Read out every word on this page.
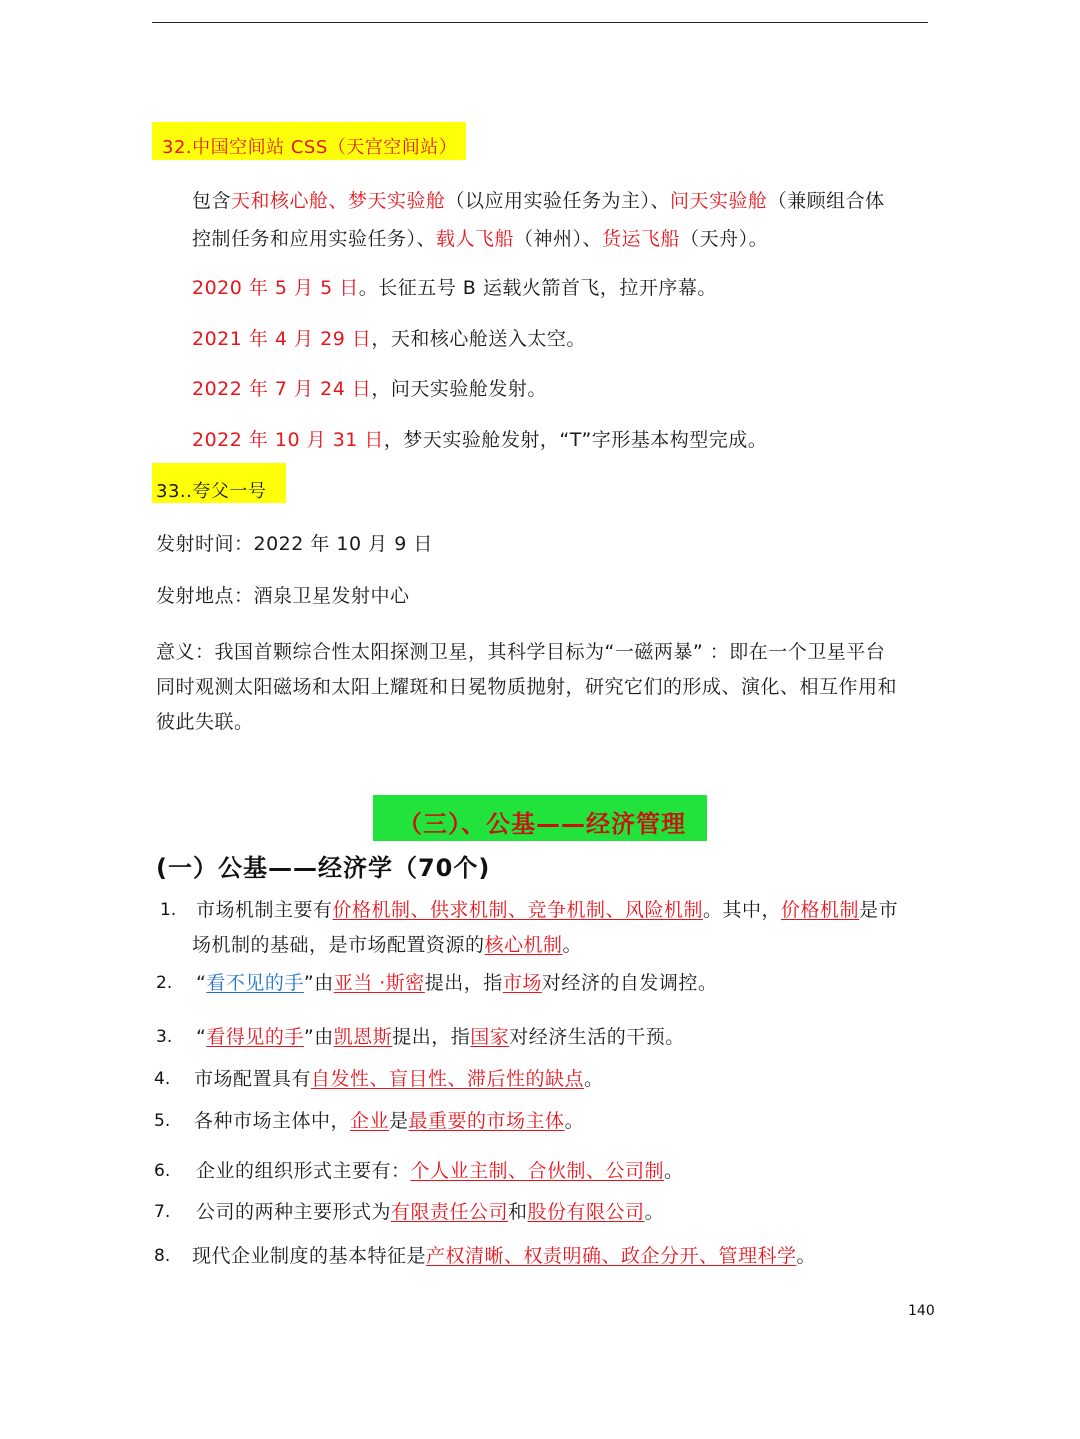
32.中国空间站 CSS（天宫空间站）
包含天和核心舱、梦天实验舱（以应用实验任务为主）、问天实验舱（兼顾组合体
控制任务和应用实验任务）、载人飞船（神州）、货运飞船（天舟）。
2020 年 5 月 5 日。长征五号 B 运载火箭首飞，拉开序幕。
2021 年 4 月 29 日，天和核心舱送入太空。
2022 年 7 月 24 日，问天实验舱发射。
2022 年 10 月 31 日，梦天实验舱发射，“T”字形基本构型完成。
33..夸父一号
发射时间：2022 年 10 月 9 日
发射地点：酒泉卫星发射中心
意义：我国首颗综合性太阳探测卫星，其科学目标为“一磁两暴” ：即在一个卫星平台
同时观测太阳磁场和太阳上耀斑和日冕物质抛射，研究它们的形成、演化、相互作用和
彼此失联。
（三）、公基——经济管理
(一）公基——经济学（70个)
1. 市场机制主要有价格机制、供求机制、竞争机制、风险机制。其中，价格机制是市
场机制的基础，是市场配置资源的核心机制。
2. “看不见的手”由亚当 ·斯密提出，指市场对经济的自发调控。
3. “看得见的手”由凯恩斯提出，指国家对经济生活的干预。
4. 市场配置具有自发性、盲目性、滞后性的缺点。
5. 各种市场主体中，企业是最重要的市场主体。
6. 企业的组织形式主要有：个人业主制、合伙制、公司制。
7. 公司的两种主要形式为有限责任公司和股份有限公司。
8. 现代企业制度的基本特征是产权清晰、权责明确、政企分开、管理科学。
140
